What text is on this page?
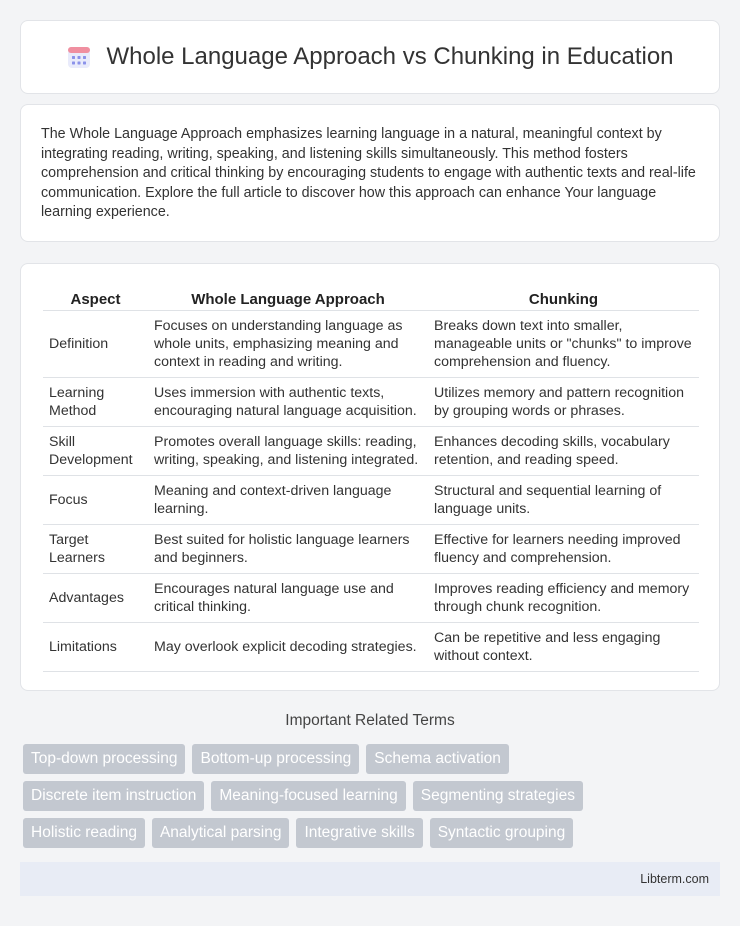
Whole Language Approach vs Chunking in Education

The Whole Language Approach emphasizes learning language in a natural, meaningful context by integrating reading, writing, speaking, and listening skills simultaneously. This method fosters comprehension and critical thinking by encouraging students to engage with authentic texts and real-life communication. Explore the full article to discover how this approach can enhance Your language learning experience.

Aspect	Whole Language Approach	Chunking
Definition	Focuses on understanding language as whole units, emphasizing meaning and context in reading and writing.	Breaks down text into smaller, manageable units or "chunks" to improve comprehension and fluency.
Learning Method	Uses immersion with authentic texts, encouraging natural language acquisition.	Utilizes memory and pattern recognition by grouping words or phrases.
Skill Development	Promotes overall language skills: reading, writing, speaking, and listening integrated.	Enhances decoding skills, vocabulary retention, and reading speed.
Focus	Meaning and context-driven language learning.	Structural and sequential learning of language units.
Target Learners	Best suited for holistic language learners and beginners.	Effective for learners needing improved fluency and comprehension.
Advantages	Encourages natural language use and critical thinking.	Improves reading efficiency and memory through chunk recognition.
Limitations	May overlook explicit decoding strategies.	Can be repetitive and less engaging without context.
Important Related Terms
Top-down processing	Bottom-up processing	Schema activation
Discrete item instruction	Meaning-focused learning	Segmenting strategies
Holistic reading	Analytical parsing	Integrative skills	Syntactic grouping
Libterm.com
